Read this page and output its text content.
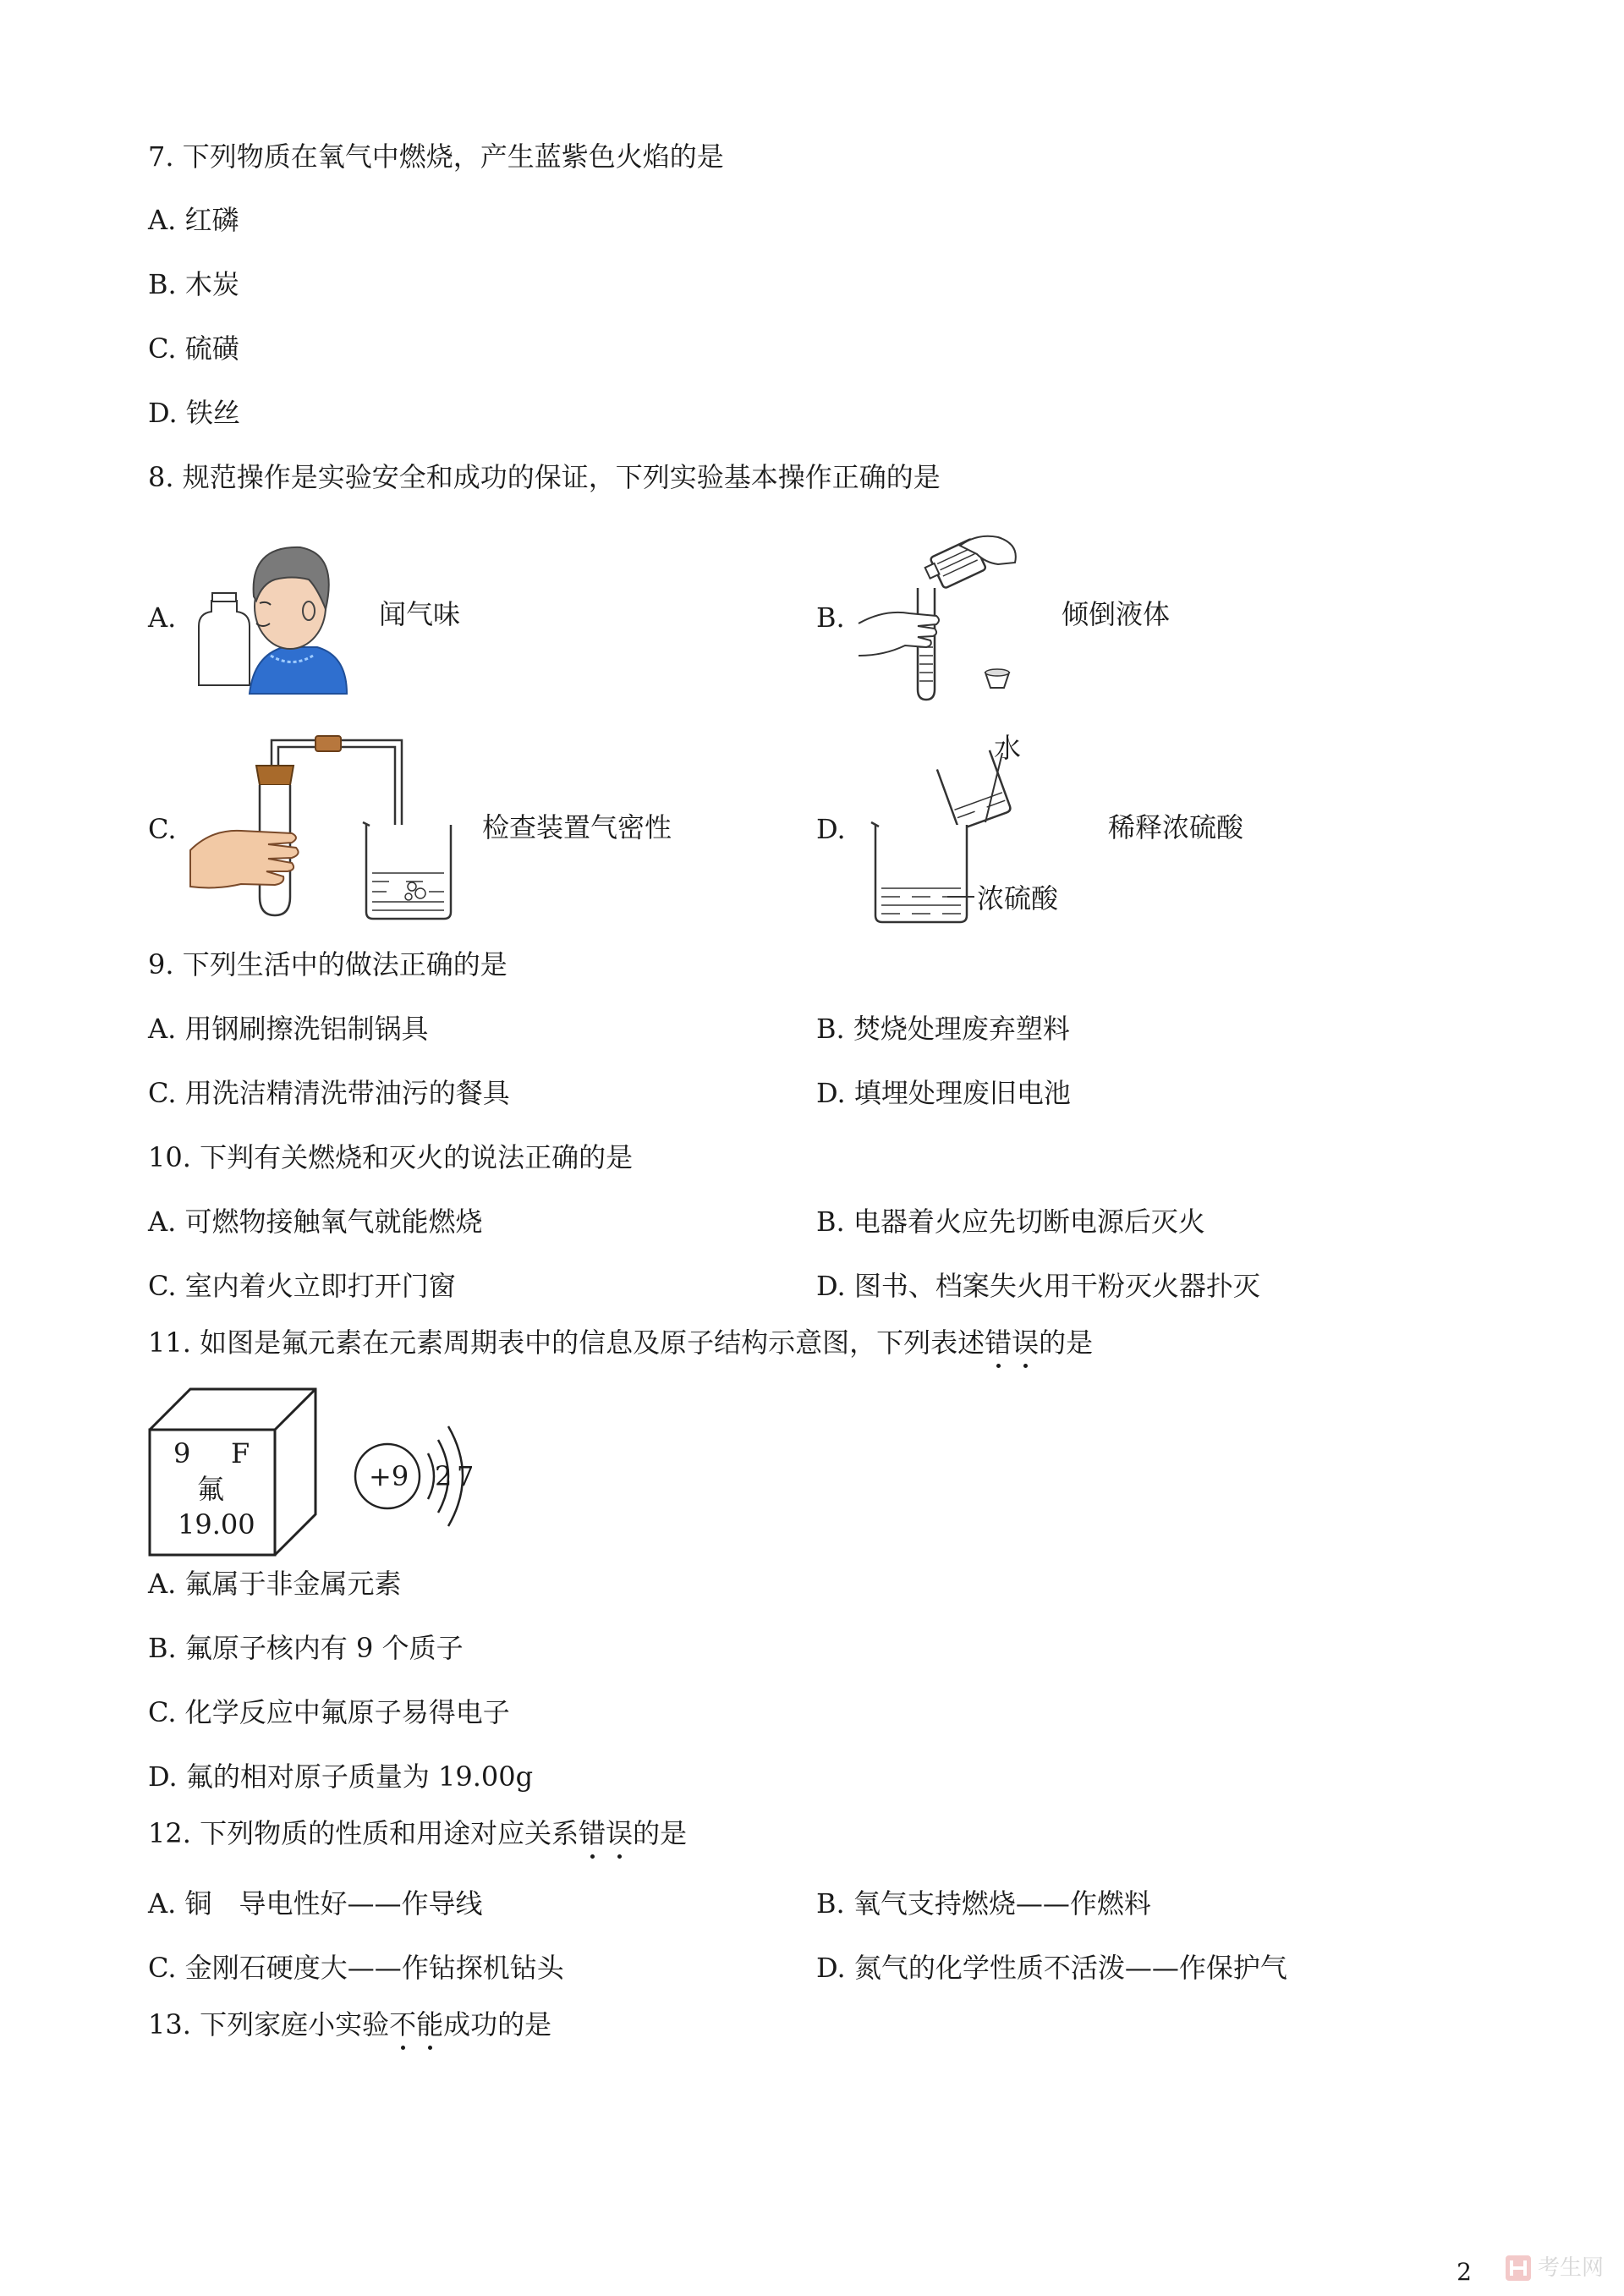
7. 下列物质在氧气中燃烧，产生蓝紫色火焰的是
A. 红磷
B. 木炭
C. 硫磺
D. 铁丝
8. 规范操作是实验安全和成功的保证，下列实验基本操作正确的是
A.	闻气味	B.	倾倒液体
C.	检查装置气密性	D.
水
浓硫酸
稀释浓硫酸
9. 下列生活中的做法正确的是
A. 用钢刷擦洗铝制锅具	B. 焚烧处理废弃塑料
C. 用洗洁精清洗带油污的餐具	D. 填埋处理废旧电池
10. 下判有关燃烧和灭火的说法正确的是
A. 可燃物接触氧气就能燃烧	B. 电器着火应先切断电源后灭火
C. 室内着火立即打开门窗	D. 图书、档案失火用干粉灭火器扑灭
11. 如图是氟元素在元素周期表中的信息及原子结构示意图，下列表述错误的是
9 F
氟
19.00
+9 2 7
A. 氟属于非金属元素
B. 氟原子核内有 9 个质子
C. 化学反应中氟原子易得电子
D. 氟的相对原子质量为 19.00g
12. 下列物质的性质和用途对应关系错误的是
A. 铜　导电性好——作导线	B. 氧气支持燃烧——作燃料
C. 金刚石硬度大——作钻探机钻头	D. 氮气的化学性质不活泼——作保护气
13. 下列家庭小实验不能成功的是
2	考生网
